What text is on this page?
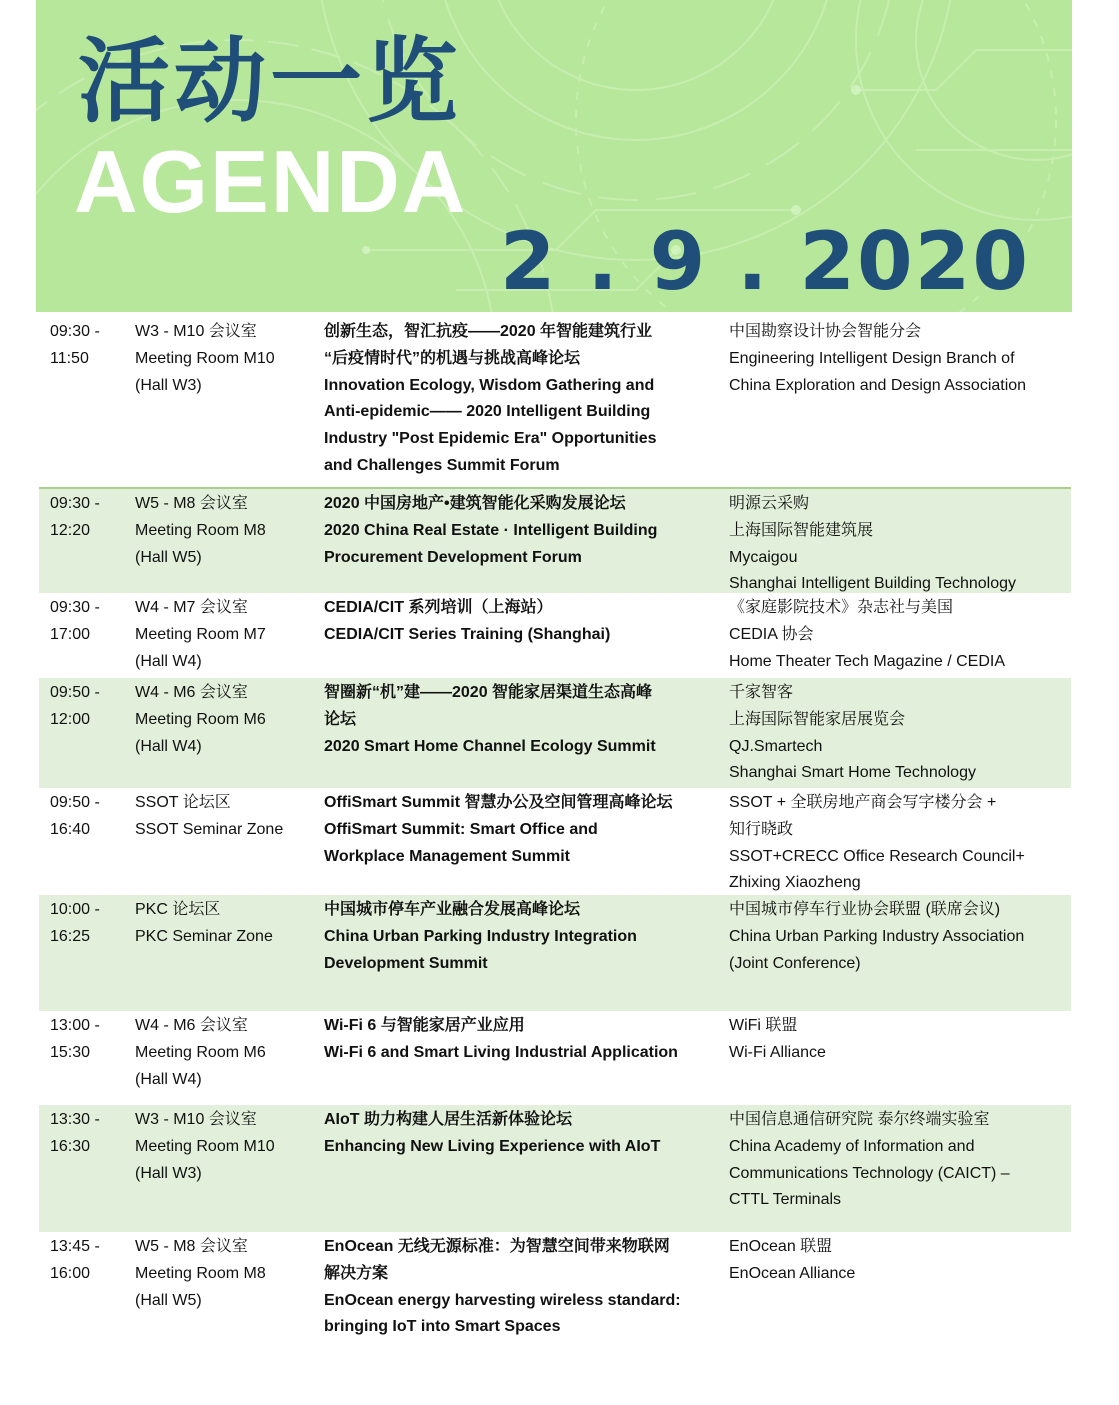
活动一览
AGENDA
2 . 9 . 2020
09:30 -
11:50
W3 - M10 会议室
Meeting Room M10
(Hall W3)
创新生态，智汇抗疫——2020 年智能建筑行业
“后疫情时代”的机遇与挑战高峰论坛
Innovation Ecology, Wisdom Gathering and
Anti-epidemic—— 2020 Intelligent Building
Industry "Post Epidemic Era" Opportunities
and Challenges Summit Forum
中国勘察设计协会智能分会
Engineering Intelligent Design Branch of
China Exploration and Design Association
09:30 -
12:20
W5 - M8 会议室
Meeting Room M8
(Hall W5)
2020 中国房地产•建筑智能化采购发展论坛
2020 China Real Estate · Intelligent Building
Procurement Development Forum
明源云采购
上海国际智能建筑展
Mycaigou
Shanghai Intelligent Building Technology
09:30 -
17:00
W4 - M7 会议室
Meeting Room M7
(Hall W4)
CEDIA/CIT 系列培训（上海站）
CEDIA/CIT Series Training (Shanghai)
《家庭影院技术》杂志社与美国
CEDIA 协会
Home Theater Tech Magazine / CEDIA
09:50 -
12:00
W4 - M6 会议室
Meeting Room M6
(Hall W4)
智圈新“机”建——2020 智能家居渠道生态高峰
论坛
2020 Smart Home Channel Ecology Summit
千家智客
上海国际智能家居展览会
QJ.Smartech
Shanghai Smart Home Technology
09:50 -
16:40
SSOT 论坛区
SSOT Seminar Zone
OffiSmart Summit 智慧办公及空间管理高峰论坛
OffiSmart Summit: Smart Office and
Workplace Management Summit
SSOT + 全联房地产商会写字楼分会 +
知行晓政
SSOT+CRECC Office Research Council+
Zhixing Xiaozheng
10:00 -
16:25
PKC 论坛区
PKC Seminar Zone
中国城市停车产业融合发展高峰论坛
China Urban Parking Industry Integration
Development Summit
中国城市停车行业协会联盟 (联席会议)
China Urban Parking Industry Association
(Joint Conference)
13:00 -
15:30
W4 - M6 会议室
Meeting Room M6
(Hall W4)
Wi-Fi 6 与智能家居产业应用
Wi-Fi 6 and Smart Living Industrial Application
WiFi 联盟
Wi-Fi Alliance
13:30 -
16:30
W3 - M10 会议室
Meeting Room M10
(Hall W3)
AIoT 助力构建人居生活新体验论坛
Enhancing New Living Experience with AIoT
中国信息通信研究院 泰尔终端实验室
China Academy of Information and
Communications Technology (CAICT) –
CTTL Terminals
13:45 -
16:00
W5 - M8 会议室
Meeting Room M8
(Hall W5)
EnOcean 无线无源标准：为智慧空间带来物联网
解决方案
EnOcean energy harvesting wireless standard:
bringing IoT into Smart Spaces
EnOcean 联盟
EnOcean Alliance
